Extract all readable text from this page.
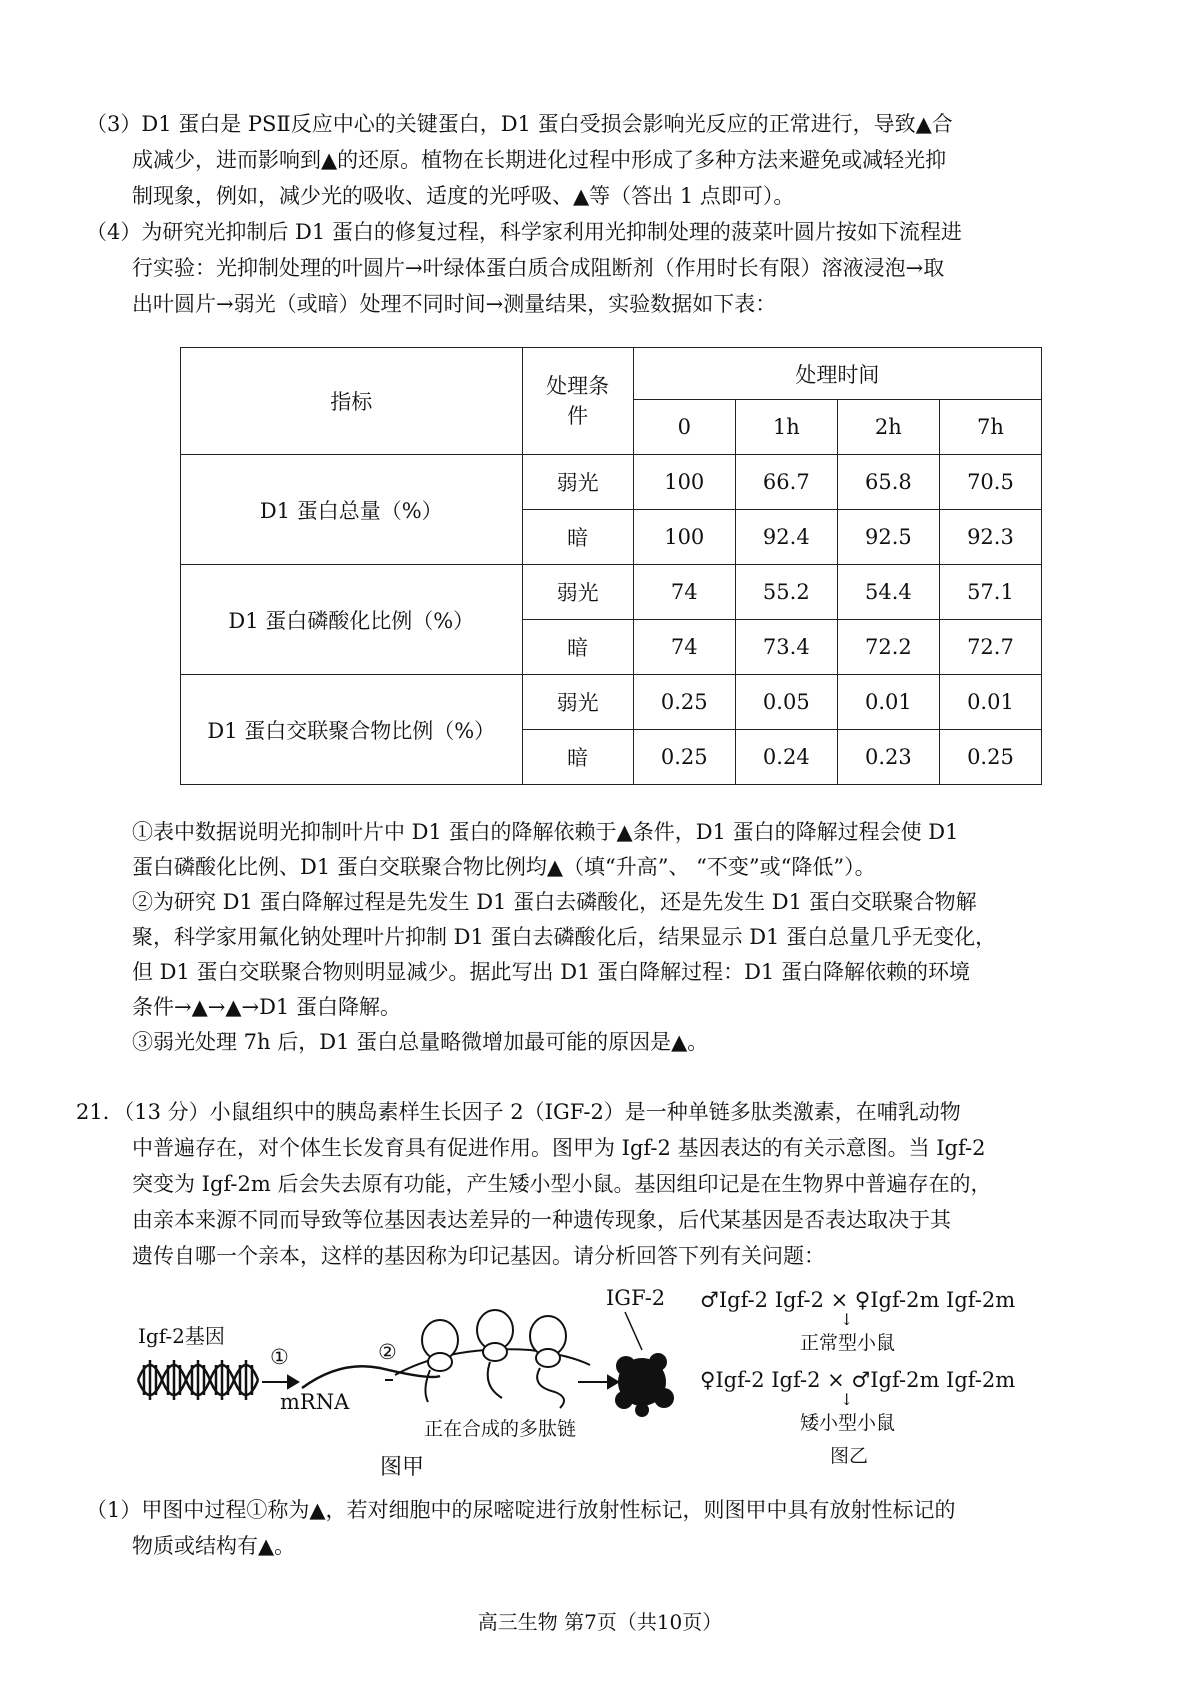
（3）D1 蛋白是 PSⅡ反应中心的关键蛋白，D1 蛋白受损会影响光反应的正常进行，导致▲合

成减少，进而影响到▲的还原。植物在长期进化过程中形成了多种方法来避免或减轻光抑

制现象，例如，减少光的吸收、适度的光呼吸、▲等（答出 1 点即可）。

（4）为研究光抑制后 D1 蛋白的修复过程，科学家利用光抑制处理的菠菜叶圆片按如下流程进

行实验：光抑制处理的叶圆片→叶绿体蛋白质合成阻断剂（作用时长有限）溶液浸泡→取

出叶圆片→弱光（或暗）处理不同时间→测量结果，实验数据如下表：

指标	处理条件	处理时间			
		0	1h	2h	7h
D1 蛋白总量（%）	弱光	100	66.7	65.8	70.5
	暗	100	92.4	92.5	92.3
D1 蛋白磷酸化比例（%）	弱光	74	55.2	54.4	57.1
	暗	74	73.4	72.2	72.7
D1 蛋白交联聚合物比例（%）	弱光	0.25	0.05	0.01	0.01
	暗	0.25	0.24	0.23	0.25

①表中数据说明光抑制叶片中 D1 蛋白的降解依赖于▲条件，D1 蛋白的降解过程会使 D1

蛋白磷酸化比例、D1 蛋白交联聚合物比例均▲（填“升高”、 “不变”或“降低”）。

②为研究 D1 蛋白降解过程是先发生 D1 蛋白去磷酸化，还是先发生 D1 蛋白交联聚合物解

聚，科学家用氟化钠处理叶片抑制 D1 蛋白去磷酸化后，结果显示 D1 蛋白总量几乎无变化，

但 D1 蛋白交联聚合物则明显减少。据此写出 D1 蛋白降解过程：D1 蛋白降解依赖的环境

条件→▲→▲→D1 蛋白降解。

③弱光处理 7h 后，D1 蛋白总量略微增加最可能的原因是▲。

21．（13 分）小鼠组织中的胰岛素样生长因子 2（IGF-2）是一种单链多肽类激素，在哺乳动物

中普遍存在，对个体生长发育具有促进作用。图甲为 Igf-2 基因表达的有关示意图。当 Igf-2

突变为 Igf-2m 后会失去原有功能，产生矮小型小鼠。基因组印记是在生物界中普遍存在的，

由亲本来源不同而导致等位基因表达差异的一种遗传现象，后代某基因是否表达取决于其

遗传自哪一个亲本，这样的基因称为印记基因。请分析回答下列有关问题：

Igf-2基因
①	②
mRNA
IGF-2
正在合成的多肽链
图甲
♂Igf-2 Igf-2 × ♀Igf-2m Igf-2m
↓
正常型小鼠
♀Igf-2 Igf-2 × ♂Igf-2m Igf-2m
↓
矮小型小鼠
图乙

（1）甲图中过程①称为▲，若对细胞中的尿嘧啶进行放射性标记，则图甲中具有放射性标记的

物质或结构有▲。

高三生物 第7页（共10页）
